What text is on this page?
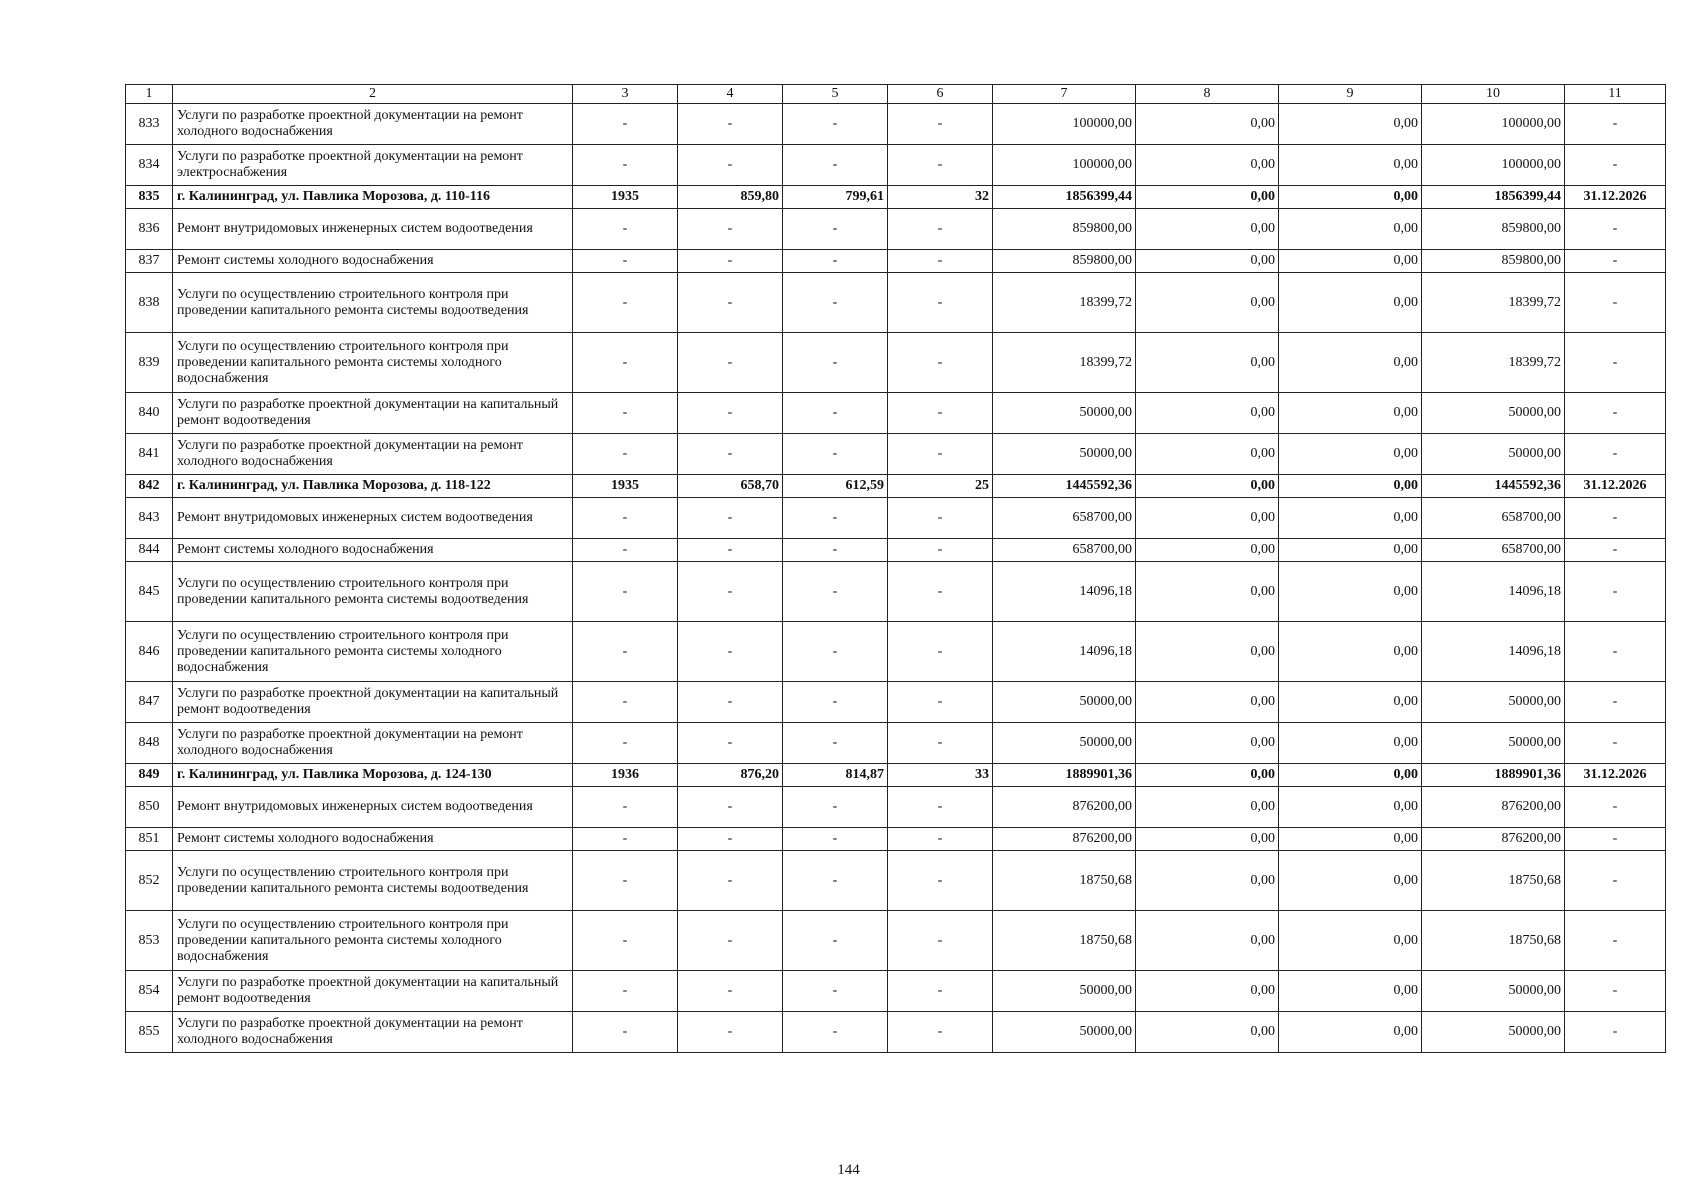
1	2	3	4	5	6	7	8	9	10	11
833	Услуги по разработке проектной документации на ремонт холодного водоснабжения	-	-	-	-	100000,00	0,00	0,00	100000,00	-
834	Услуги по разработке проектной документации на ремонт электроснабжения	-	-	-	-	100000,00	0,00	0,00	100000,00	-
835	г. Калининград, ул. Павлика Морозова, д. 110-116	1935	859,80	799,61	32	1856399,44	0,00	0,00	1856399,44	31.12.2026
836	Ремонт внутридомовых инженерных систем водоотведения	-	-	-	-	859800,00	0,00	0,00	859800,00	-
837	Ремонт системы холодного водоснабжения	-	-	-	-	859800,00	0,00	0,00	859800,00	-
838	Услуги по осуществлению строительного контроля при проведении капитального ремонта системы водоотведения	-	-	-	-	18399,72	0,00	0,00	18399,72	-
839	Услуги по осуществлению строительного контроля при проведении капитального ремонта системы холодного водоснабжения	-	-	-	-	18399,72	0,00	0,00	18399,72	-
840	Услуги по разработке проектной документации на капитальный ремонт водоотведения	-	-	-	-	50000,00	0,00	0,00	50000,00	-
841	Услуги по разработке проектной документации на ремонт холодного водоснабжения	-	-	-	-	50000,00	0,00	0,00	50000,00	-
842	г. Калининград, ул. Павлика Морозова, д. 118-122	1935	658,70	612,59	25	1445592,36	0,00	0,00	1445592,36	31.12.2026
843	Ремонт внутридомовых инженерных систем водоотведения	-	-	-	-	658700,00	0,00	0,00	658700,00	-
844	Ремонт системы холодного водоснабжения	-	-	-	-	658700,00	0,00	0,00	658700,00	-
845	Услуги по осуществлению строительного контроля при проведении капитального ремонта системы водоотведения	-	-	-	-	14096,18	0,00	0,00	14096,18	-
846	Услуги по осуществлению строительного контроля при проведении капитального ремонта системы холодного водоснабжения	-	-	-	-	14096,18	0,00	0,00	14096,18	-
847	Услуги по разработке проектной документации на капитальный ремонт водоотведения	-	-	-	-	50000,00	0,00	0,00	50000,00	-
848	Услуги по разработке проектной документации на ремонт холодного водоснабжения	-	-	-	-	50000,00	0,00	0,00	50000,00	-
849	г. Калининград, ул. Павлика Морозова, д. 124-130	1936	876,20	814,87	33	1889901,36	0,00	0,00	1889901,36	31.12.2026
850	Ремонт внутридомовых инженерных систем водоотведения	-	-	-	-	876200,00	0,00	0,00	876200,00	-
851	Ремонт системы холодного водоснабжения	-	-	-	-	876200,00	0,00	0,00	876200,00	-
852	Услуги по осуществлению строительного контроля при проведении капитального ремонта системы водоотведения	-	-	-	-	18750,68	0,00	0,00	18750,68	-
853	Услуги по осуществлению строительного контроля при проведении капитального ремонта системы холодного водоснабжения	-	-	-	-	18750,68	0,00	0,00	18750,68	-
854	Услуги по разработке проектной документации на капитальный ремонт водоотведения	-	-	-	-	50000,00	0,00	0,00	50000,00	-
855	Услуги по разработке проектной документации на ремонт холодного водоснабжения	-	-	-	-	50000,00	0,00	0,00	50000,00	-
144
